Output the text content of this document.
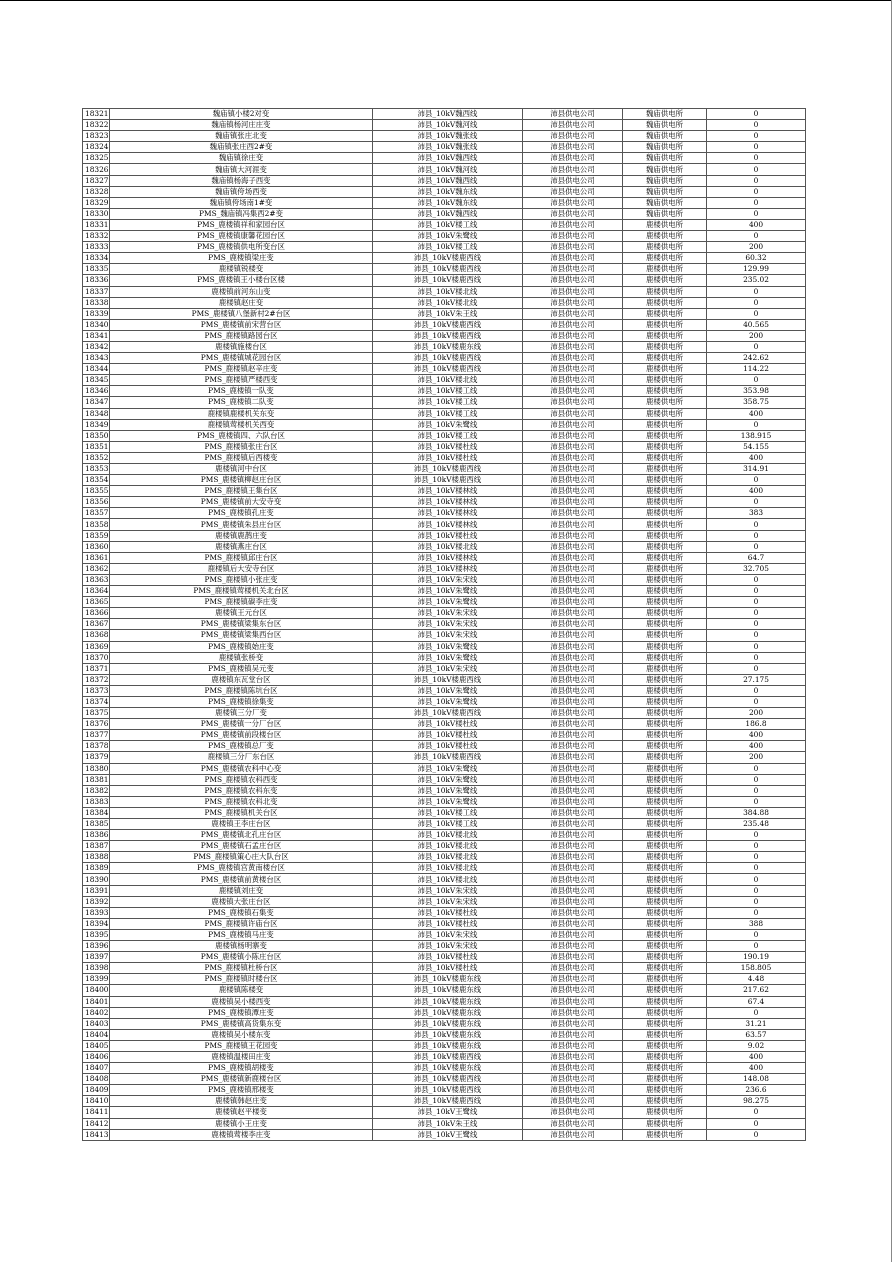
18321	魏庙镇小楼2对变	沛县_10kV魏西线	沛县供电公司	魏庙供电所	0
18322	魏庙镇杨河庄庄变	沛县_10kV魏河线	沛县供电公司	魏庙供电所	0
18323	魏庙镇张庄北变	沛县_10kV魏张线	沛县供电公司	魏庙供电所	0
18324	魏庙镇张庄西2#变	沛县_10kV魏张线	沛县供电公司	魏庙供电所	0
18325	魏庙镇徐庄变	沛县_10kV魏西线	沛县供电公司	魏庙供电所	0
18326	魏庙镇大河涯变	沛县_10kV魏河线	沛县供电公司	魏庙供电所	0
18327	魏庙镇杨海子西变	沛县_10kV魏西线	沛县供电公司	魏庙供电所	0
18328	魏庙镇侉场西变	沛县_10kV魏东线	沛县供电公司	魏庙供电所	0
18329	魏庙镇侉场南1#变	沛县_10kV魏东线	沛县供电公司	魏庙供电所	0
18330	PMS_魏庙镇冯集西2#变	沛县_10kV魏西线	沛县供电公司	魏庙供电所	0
18331	PMS_鹿楼镇祥和家园台区	沛县_10kV楼工线	沛县供电公司	鹿楼供电所	400
18332	PMS_鹿楼镇康馨花园台区	沛县_10kV朱鹭线	沛县供电公司	鹿楼供电所	0
18333	PMS_鹿楼镇供电所变台区	沛县_10kV楼工线	沛县供电公司	鹿楼供电所	200
18334	PMS_鹿楼镇梁庄变	沛县_10kV楼鹿西线	沛县供电公司	鹿楼供电所	60.32
18335	鹿楼镇锐楼变	沛县_10kV楼鹿西线	沛县供电公司	鹿楼供电所	129.99
18336	PMS_鹿楼镇王小楼台区楼	沛县_10kV楼鹿西线	沛县供电公司	鹿楼供电所	235.02
18337	鹿楼镇前河东山变	沛县_10kV楼北线	沛县供电公司	鹿楼供电所	0
18338	鹿楼镇赵庄变	沛县_10kV楼北线	沛县供电公司	鹿楼供电所	0
18339	PMS_鹿楼镇八堡新村2#台区	沛县_10kV朱王线	沛县供电公司	鹿楼供电所	0
18340	PMS_鹿楼镇前宋营台区	沛县_10kV楼鹿西线	沛县供电公司	鹿楼供电所	40.565
18341	PMS_鹿楼镇路园台区	沛县_10kV楼鹿西线	沛县供电公司	鹿楼供电所	200
18342	鹿楼镇施楼台区	沛县_10kV楼鹿东线	沛县供电公司	鹿楼供电所	0
18343	PMS_鹿楼镇城花园台区	沛县_10kV楼鹿西线	沛县供电公司	鹿楼供电所	242.62
18344	PMS_鹿楼镇赵辛庄变	沛县_10kV楼鹿西线	沛县供电公司	鹿楼供电所	114.22
18345	PMS_鹿楼镇严楼西变	沛县_10kV楼北线	沛县供电公司	鹿楼供电所	0
18346	PMS_鹿楼镇一队变	沛县_10kV楼工线	沛县供电公司	鹿楼供电所	353.98
18347	PMS_鹿楼镇二队变	沛县_10kV楼工线	沛县供电公司	鹿楼供电所	358.75
18348	鹿楼镇鹿楼机关东变	沛县_10kV楼工线	沛县供电公司	鹿楼供电所	400
18349	鹿楼镇莺楼机关西变	沛县_10kV朱鹭线	沛县供电公司	鹿楼供电所	0
18350	PMS_鹿楼镇四、六队台区	沛县_10kV楼工线	沛县供电公司	鹿楼供电所	138.915
18351	PMS_鹿楼镇张庄台区	沛县_10kV楼杜线	沛县供电公司	鹿楼供电所	54.155
18352	PMS_鹿楼镇后西楼变	沛县_10kV楼杜线	沛县供电公司	鹿楼供电所	400
18353	鹿楼镇河中台区	沛县_10kV楼鹿西线	沛县供电公司	鹿楼供电所	314.91
18354	PMS_鹿楼镇柳赵庄台区	沛县_10kV楼鹿西线	沛县供电公司	鹿楼供电所	0
18355	PMS_鹿楼镇王集台区	沛县_10kV楼林线	沛县供电公司	鹿楼供电所	400
18356	PMS_鹿楼镇前大安寺变	沛县_10kV楼林线	沛县供电公司	鹿楼供电所	0
18357	PMS_鹿楼镇孔庄变	沛县_10kV楼林线	沛县供电公司	鹿楼供电所	383
18358	PMS_鹿楼镇朱县庄台区	沛县_10kV楼林线	沛县供电公司	鹿楼供电所	0
18359	鹿楼镇鹿鹊庄变	沛县_10kV楼杜线	沛县供电公司	鹿楼供电所	0
18360	鹿楼镇燕庄台区	沛县_10kV楼北线	沛县供电公司	鹿楼供电所	0
18361	PMS_鹿楼镇邱庄台区	沛县_10kV楼林线	沛县供电公司	鹿楼供电所	64.7
18362	鹿楼镇后大安寺台区	沛县_10kV楼林线	沛县供电公司	鹿楼供电所	32.705
18363	PMS_鹿楼镇小张庄变	沛县_10kV朱宋线	沛县供电公司	鹿楼供电所	0
18364	PMS_鹿楼镇莺楼机关北台区	沛县_10kV朱鹭线	沛县供电公司	鹿楼供电所	0
18365	PMS_鹿楼镇碳李庄变	沛县_10kV朱鹭线	沛县供电公司	鹿楼供电所	0
18366	鹿楼镇王元台区	沛县_10kV朱宋线	沛县供电公司	鹿楼供电所	0
18367	PMS_鹿楼镇梁集东台区	沛县_10kV朱宋线	沛县供电公司	鹿楼供电所	0
18368	PMS_鹿楼镇梁集西台区	沛县_10kV朱宋线	沛县供电公司	鹿楼供电所	0
18369	PMS_鹿楼镇始庄变	沛县_10kV朱鹭线	沛县供电公司	鹿楼供电所	0
18370	鹿楼镇张桥变	沛县_10kV朱鹭线	沛县供电公司	鹿楼供电所	0
18371	PMS_鹿楼镇吴元变	沛县_10kV朱宋线	沛县供电公司	鹿楼供电所	0
18372	鹿楼镇东瓦堂台区	沛县_10kV楼鹿西线	沛县供电公司	鹿楼供电所	27.175
18373	PMS_鹿楼镇陈坑台区	沛县_10kV朱鹭线	沛县供电公司	鹿楼供电所	0
18374	PMS_鹿楼镇徐集变	沛县_10kV朱鹭线	沛县供电公司	鹿楼供电所	0
18375	鹿楼镇三分厂变	沛县_10kV楼鹿西线	沛县供电公司	鹿楼供电所	200
18376	PMS_鹿楼镇一分厂台区	沛县_10kV楼杜线	沛县供电公司	鹿楼供电所	186.8
18377	PMS_鹿楼镇前段楼台区	沛县_10kV楼杜线	沛县供电公司	鹿楼供电所	400
18378	PMS_鹿楼镇总厂变	沛县_10kV楼杜线	沛县供电公司	鹿楼供电所	400
18379	鹿楼镇三分厂东台区	沛县_10kV楼鹿西线	沛县供电公司	鹿楼供电所	200
18380	PMS_鹿楼镇农科中心变	沛县_10kV朱鹭线	沛县供电公司	鹿楼供电所	0
18381	PMS_鹿楼镇农科西变	沛县_10kV朱鹭线	沛县供电公司	鹿楼供电所	0
18382	PMS_鹿楼镇农科东变	沛县_10kV朱鹭线	沛县供电公司	鹿楼供电所	0
18383	PMS_鹿楼镇农科北变	沛县_10kV朱鹭线	沛县供电公司	鹿楼供电所	0
18384	PMS_鹿楼镇机关台区	沛县_10kV楼工线	沛县供电公司	鹿楼供电所	384.88
18385	鹿楼镇王李庄台区	沛县_10kV楼工线	沛县供电公司	鹿楼供电所	235.48
18386	PMS_鹿楼镇北孔庄台区	沛县_10kV楼北线	沛县供电公司	鹿楼供电所	0
18387	PMS_鹿楼镇石孟庄台区	沛县_10kV楼北线	沛县供电公司	鹿楼供电所	0
18388	PMS_鹿楼镇策心庄大队台区	沛县_10kV楼北线	沛县供电公司	鹿楼供电所	0
18389	PMS_鹿楼镇宫黄南楼台区	沛县_10kV楼北线	沛县供电公司	鹿楼供电所	0
18390	PMS_鹿楼镇前黄楼台区	沛县_10kV楼北线	沛县供电公司	鹿楼供电所	0
18391	鹿楼镇刘庄变	沛县_10kV朱宋线	沛县供电公司	鹿楼供电所	0
18392	鹿楼镇大张庄台区	沛县_10kV朱宋线	沛县供电公司	鹿楼供电所	0
18393	PMS_鹿楼镇石集变	沛县_10kV楼杜线	沛县供电公司	鹿楼供电所	0
18394	PMS_鹿楼镇许庙台区	沛县_10kV楼杜线	沛县供电公司	鹿楼供电所	388
18395	PMS_鹿楼镇马庄变	沛县_10kV朱宋线	沛县供电公司	鹿楼供电所	0
18396	鹿楼镇杨明寨变	沛县_10kV朱宋线	沛县供电公司	鹿楼供电所	0
18397	PMS_鹿楼镇小陈庄台区	沛县_10kV楼杜线	沛县供电公司	鹿楼供电所	190.19
18398	PMS_鹿楼镇杜桥台区	沛县_10kV楼杜线	沛县供电公司	鹿楼供电所	158.805
18399	PMS_鹿楼镇时楼台区	沛县_10kV楼鹿东线	沛县供电公司	鹿楼供电所	4.48
18400	鹿楼镇陈楼变	沛县_10kV楼鹿东线	沛县供电公司	鹿楼供电所	217.62
18401	鹿楼镇吴小楼西变	沛县_10kV楼鹿东线	沛县供电公司	鹿楼供电所	67.4
18402	PMS_鹿楼镇潭庄变	沛县_10kV楼鹿东线	沛县供电公司	鹿楼供电所	0
18403	PMS_鹿楼镇高货集东变	沛县_10kV楼鹿东线	沛县供电公司	鹿楼供电所	31.21
18404	鹿楼镇吴小楼东变	沛县_10kV楼鹿东线	沛县供电公司	鹿楼供电所	63.57
18405	PMS_鹿楼镇王花园变	沛县_10kV楼鹿东线	沛县供电公司	鹿楼供电所	9.02
18406	鹿楼镇温楼田庄变	沛县_10kV楼鹿西线	沛县供电公司	鹿楼供电所	400
18407	PMS_鹿楼镇胡楼变	沛县_10kV楼鹿东线	沛县供电公司	鹿楼供电所	400
18408	PMS_鹿楼镇新鹿楼台区	沛县_10kV楼鹿西线	沛县供电公司	鹿楼供电所	148.08
18409	PMS_鹿楼镇邢楼变	沛县_10kV楼鹿西线	沛县供电公司	鹿楼供电所	236.6
18410	鹿楼镇韩赵庄变	沛县_10kV楼鹿西线	沛县供电公司	鹿楼供电所	98.275
18411	鹿楼镇赵平楼变	沛县_10kV王鹭线	沛县供电公司	鹿楼供电所	0
18412	鹿楼镇小王庄变	沛县_10kV朱王线	沛县供电公司	鹿楼供电所	0
18413	鹿楼镇莺楼李庄变	沛县_10kV王鹭线	沛县供电公司	鹿楼供电所	0
